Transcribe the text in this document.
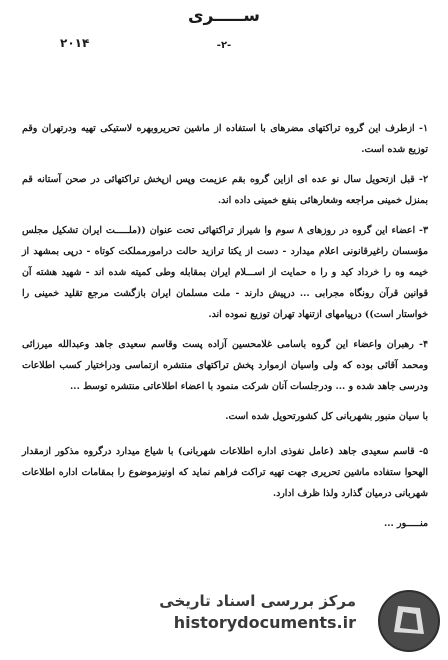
ســـــری
-۲-
۲۰۱۴

۱- ازطرف این گروه تراکتهای مضرهای با استفاده از ماشین تحریروبهره لاستیکی تهیه ودرتهران وقم توزیع شده است.

۲- قبل ازتحویل سال نو عده ای ازاین گروه بقم عزیمت وپس ازپخش تراکتهائی در صحن آستانه قم بمنزل خمینی مراجعه وشعارهائی بنفع خمینی داده اند.

۳- اعضاء این گروه در روزهای ۸ سوم وا شیراز تراکتهائی تحت عنوان ((ملـــــت ایران تشکیل مجلس مؤسسان راغیرقانونی اعلام میدارد - دست از یکتا ترازید حالت درامورمملکت کوتاه - درپی بمشهد از خیمه وه را خرداد کید و را ه حمایت از اســـلام ایران بمقابله وطی کمیته شده اند - شهید هشته آن قوانین قرآن رونگاه مجرابی ... درپیش دارند - ملت مسلمان ایران بازگشت مرجع تقلید خمینی را خواستار است)) درپیامهای ازتنهاد تهران توزیع نموده اند.

۴- رهبران واعضاء این گروه باسامی غلامحسین آزاده پست وقاسم سعیدی جاهد وعبدالله میرزائی ومحمد آقائی بوده که ولی واسیان ازموارد پخش تراکتهای منتشره ازتماسی ودراختیار کسب اطلاعات ودرسی جاهد شده و ... ودرجلسات آنان شرکت منمود با اعضاء اطلاعاتی منتشره توسط ...

با سیان منبور بشهربانی کل کشورتحویل شده است.

۵- قاسم سعیدی جاهد (عامل نفوذی اداره اطلاعات شهربانی) با شیاع میدارد درگروه مذکور ازمقدار الهحوا ستفاده ماشین تحریری جهت تهیه تراکت فراهم نماید که اونیزموضوع را بمقامات اداره اطلاعات شهربانی درمیان گذارد ولذا ظرف ادارد.

منـــــور ...

مرکز بررسی اسناد تاریخی
historydocuments.ir
